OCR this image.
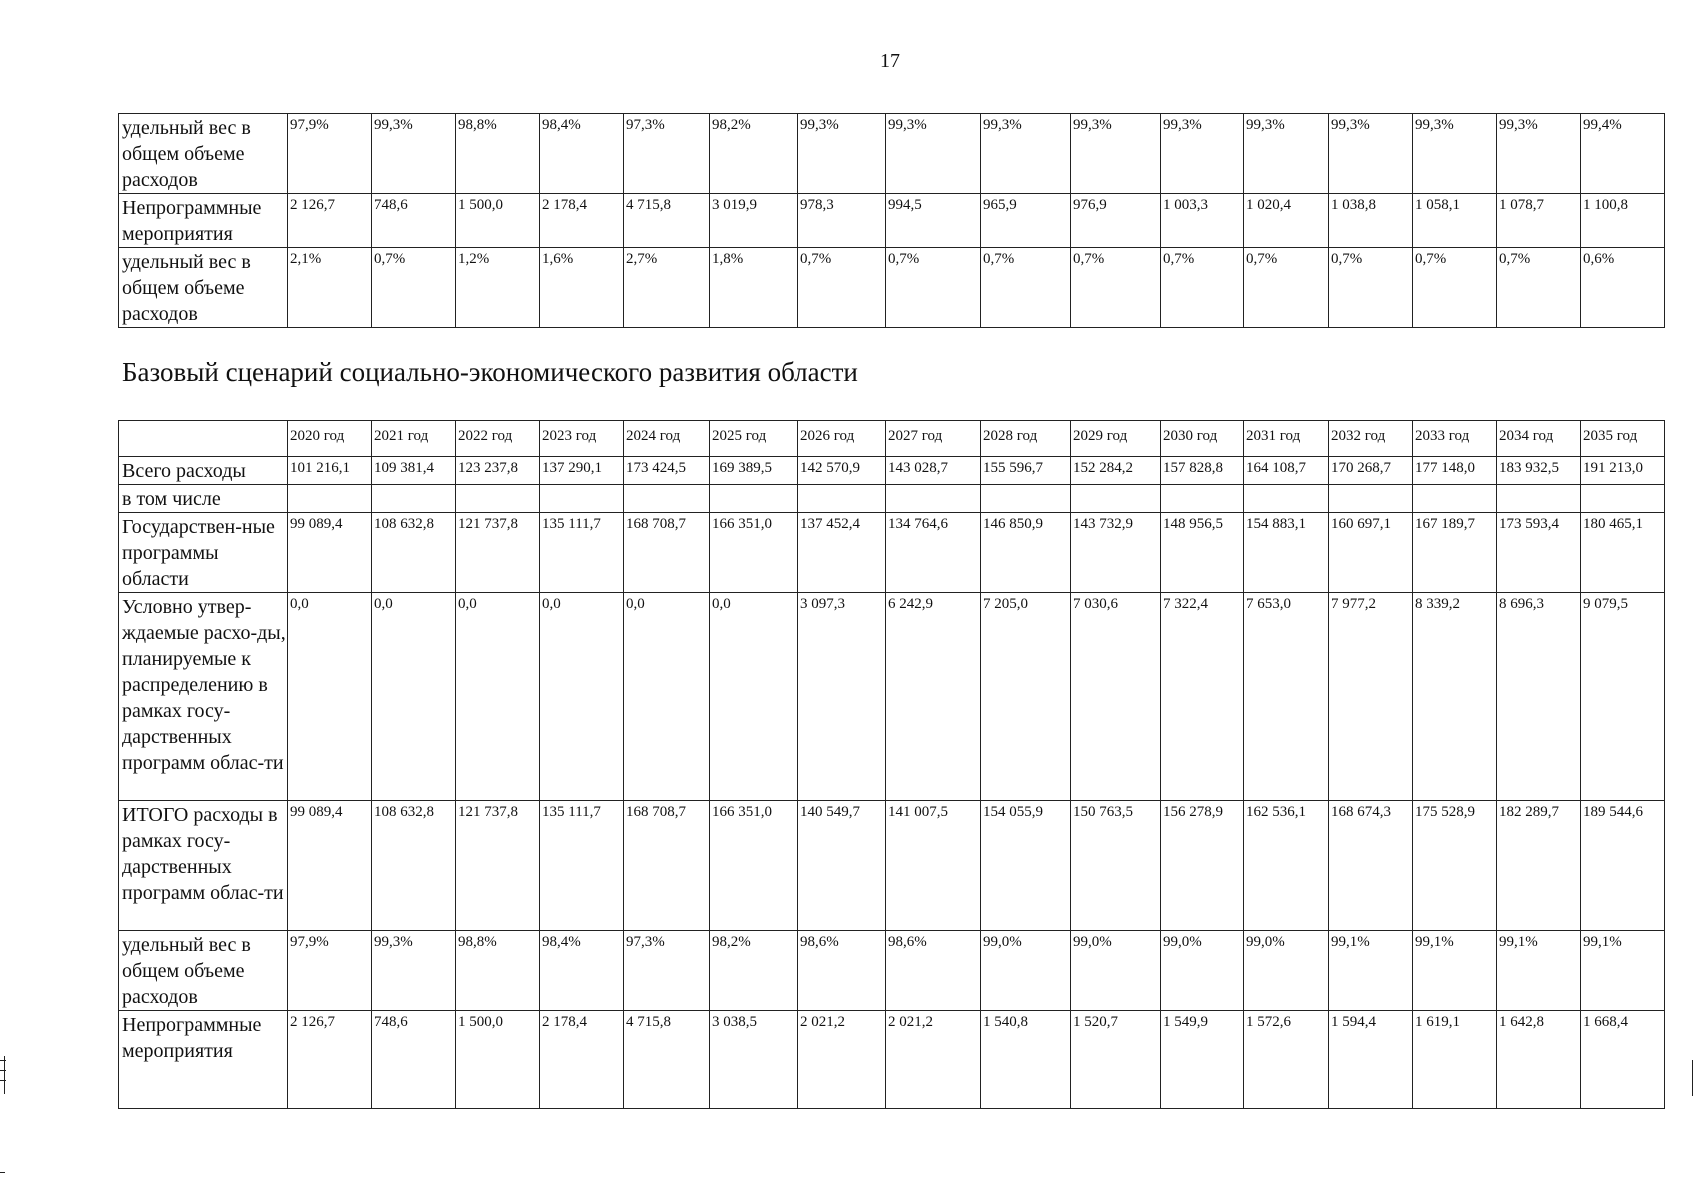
17
удельный вес в общем объеме расходов	97,9%	99,3%	98,8%	98,4%	97,3%	98,2%	99,3%	99,3%	99,3%	99,3%	99,3%	99,3%	99,3%	99,3%	99,3%	99,4%
Непрограммные мероприятия	2 126,7	748,6	1 500,0	2 178,4	4 715,8	3 019,9	978,3	994,5	965,9	976,9	1 003,3	1 020,4	1 038,8	1 058,1	1 078,7	1 100,8
удельный вес в общем объеме расходов	2,1%	0,7%	1,2%	1,6%	2,7%	1,8%	0,7%	0,7%	0,7%	0,7%	0,7%	0,7%	0,7%	0,7%	0,7%	0,6%
Базовый сценарий социально-экономического развития области
	2020 год	2021 год	2022 год	2023 год	2024 год	2025 год	2026 год	2027 год	2028 год	2029 год	2030 год	2031 год	2032 год	2033 год	2034 год	2035 год
Всего расходы	101 216,1	109 381,4	123 237,8	137 290,1	173 424,5	169 389,5	142 570,9	143 028,7	155 596,7	152 284,2	157 828,8	164 108,7	170 268,7	177 148,0	183 932,5	191 213,0
в том числе																
Государствен-ные программы области	99 089,4	108 632,8	121 737,8	135 111,7	168 708,7	166 351,0	137 452,4	134 764,6	146 850,9	143 732,9	148 956,5	154 883,1	160 697,1	167 189,7	173 593,4	180 465,1
Условно утвер-ждаемые расхо-ды, планируемые к распределению в рамках госу-дарственных программ облас-ти	0,0	0,0	0,0	0,0	0,0	0,0	3 097,3	6 242,9	7 205,0	7 030,6	7 322,4	7 653,0	7 977,2	8 339,2	8 696,3	9 079,5
ИТОГО расходы в рамках госу-дарственных программ облас-ти	99 089,4	108 632,8	121 737,8	135 111,7	168 708,7	166 351,0	140 549,7	141 007,5	154 055,9	150 763,5	156 278,9	162 536,1	168 674,3	175 528,9	182 289,7	189 544,6
удельный вес в общем объеме расходов	97,9%	99,3%	98,8%	98,4%	97,3%	98,2%	98,6%	98,6%	99,0%	99,0%	99,0%	99,0%	99,1%	99,1%	99,1%	99,1%
Непрограммные мероприятия	2 126,7	748,6	1 500,0	2 178,4	4 715,8	3 038,5	2 021,2	2 021,2	1 540,8	1 520,7	1 549,9	1 572,6	1 594,4	1 619,1	1 642,8	1 668,4
